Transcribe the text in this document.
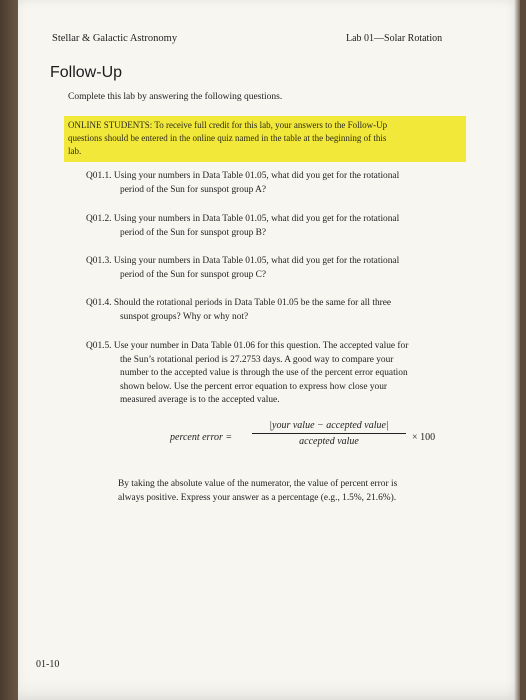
Stellar & Galactic Astronomy	Lab 01—Solar Rotation
Follow-Up
Complete this lab by answering the following questions.
ONLINE STUDENTS: To receive full credit for this lab, your answers to the Follow-Up
questions should be entered in the online quiz named in the table at the beginning of this
lab.
Q01.1. Using your numbers in Data Table 01.05, what did you get for the rotational
period of the Sun for sunspot group A?
Q01.2. Using your numbers in Data Table 01.05, what did you get for the rotational
period of the Sun for sunspot group B?
Q01.3. Using your numbers in Data Table 01.05, what did you get for the rotational
period of the Sun for sunspot group C?
Q01.4. Should the rotational periods in Data Table 01.05 be the same for all three
sunspot groups? Why or why not?
Q01.5. Use your number in Data Table 01.06 for this question. The accepted value for
the Sun’s rotational period is 27.2753 days. A good way to compare your
number to the accepted value is through the use of the percent error equation
shown below. Use the percent error equation to express how close your
measured average is to the accepted value.
percent error =
|your value − accepted value|
accepted value	× 100
By taking the absolute value of the numerator, the value of percent error is
always positive. Express your answer as a percentage (e.g., 1.5%, 21.6%).
01-10
